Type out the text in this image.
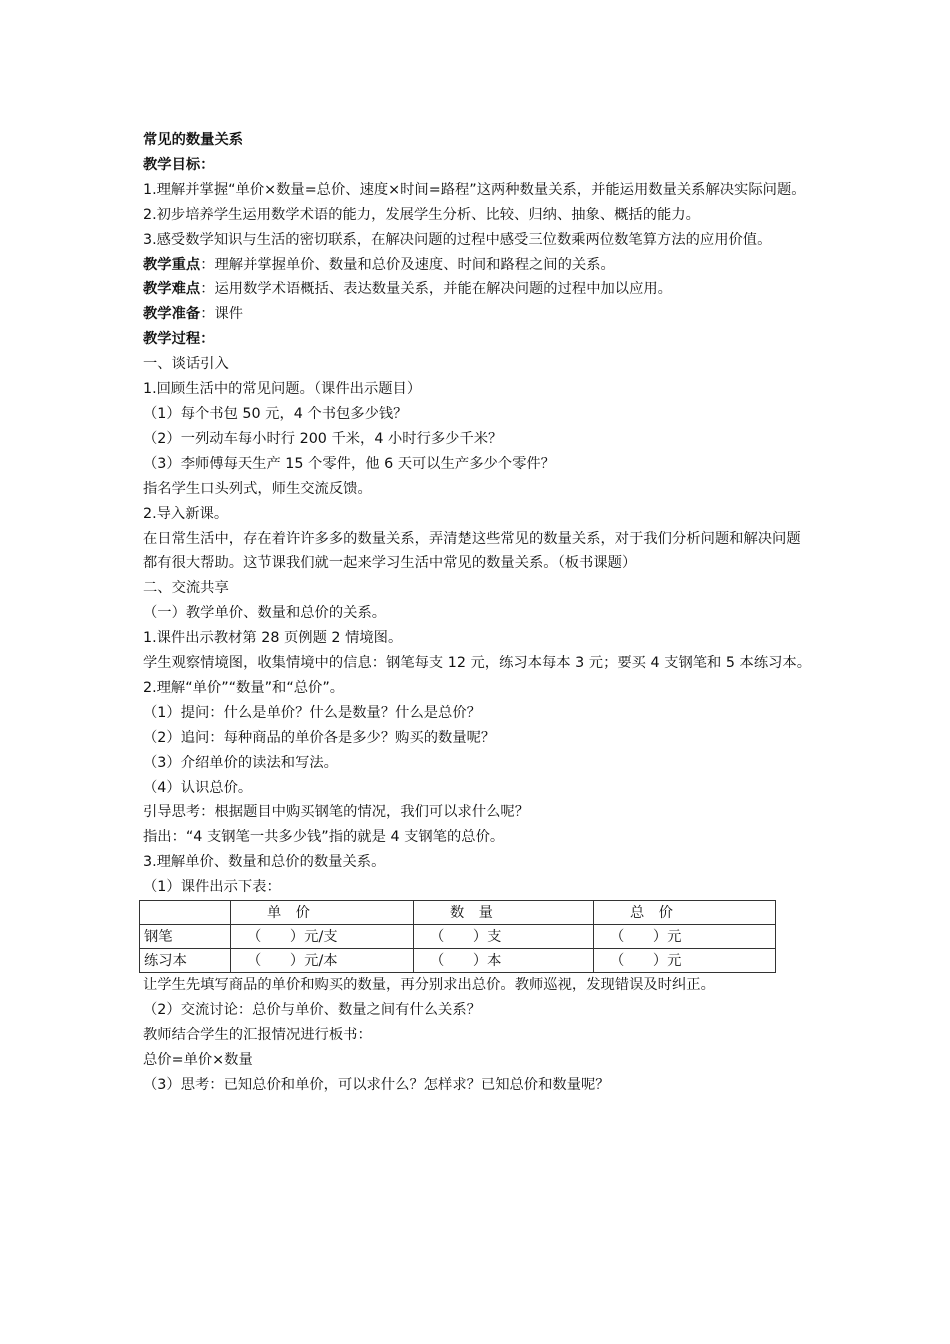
常见的数量关系

教学目标：

1.理解并掌握“单价×数量=总价、速度×时间=路程”这两种数量关系，并能运用数量关系解决实际问题。

2.初步培养学生运用数学术语的能力，发展学生分析、比较、归纳、抽象、概括的能力。

3.感受数学知识与生活的密切联系，在解决问题的过程中感受三位数乘两位数笔算方法的应用价值。

教学重点：理解并掌握单价、数量和总价及速度、时间和路程之间的关系。

教学难点：运用数学术语概括、表达数量关系，并能在解决问题的过程中加以应用。

教学准备：课件

教学过程：

一、谈话引入

1.回顾生活中的常见问题。（课件出示题目）

（1）每个书包 50 元，4 个书包多少钱？

（2）一列动车每小时行 200 千米，4 小时行多少千米？

（3）李师傅每天生产 15 个零件，他 6 天可以生产多少个零件？

指名学生口头列式，师生交流反馈。

2.导入新课。

在日常生活中，存在着许许多多的数量关系，弄清楚这些常见的数量关系，对于我们分析问题和解决问题都有很大帮助。这节课我们就一起来学习生活中常见的数量关系。（板书课题）

二、交流共享

（一）教学单价、数量和总价的关系。

1.课件出示教材第 28 页例题 2 情境图。

学生观察情境图，收集情境中的信息：钢笔每支 12 元，练习本每本 3 元；要买 4 支钢笔和 5 本练习本。

2.理解“单价”“数量”和“总价”。

（1）提问：什么是单价？什么是数量？什么是总价？

（2）追问：每种商品的单价各是多少？购买的数量呢？

（3）介绍单价的读法和写法。

（4）认识总价。

引导思考：根据题目中购买钢笔的情况，我们可以求什么呢？

指出：“4 支钢笔一共多少钱”指的就是 4 支钢笔的总价。

3.理解单价、数量和总价的数量关系。

（1）课件出示下表：

	单　价	数　量	总　价
钢笔	（　　）元/支	（　　）支	（　　）元
练习本	（　　）元/本	（　　）本	（　　）元

让学生先填写商品的单价和购买的数量，再分别求出总价。教师巡视，发现错误及时纠正。

（2）交流讨论：总价与单价、数量之间有什么关系？

教师结合学生的汇报情况进行板书：

总价=单价×数量

（3）思考：已知总价和单价，可以求什么？怎样求？已知总价和数量呢？
